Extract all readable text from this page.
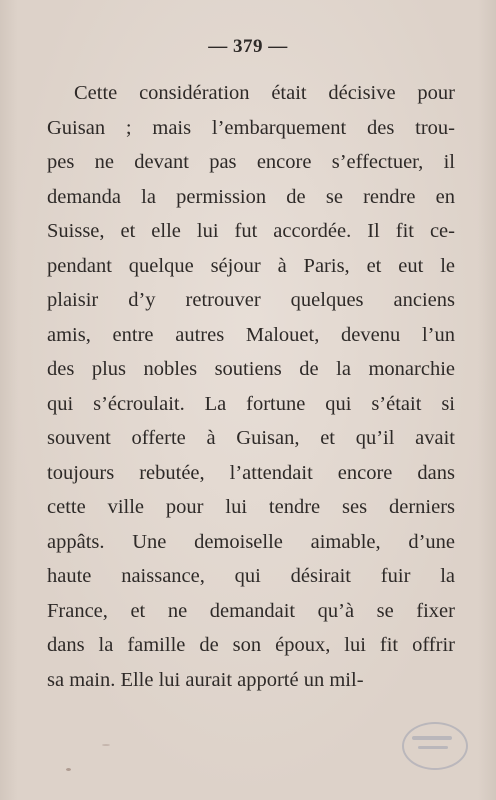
— 379 —
Cette considération était décisive pour
Guisan ; mais l’embarquement des trou-
pes ne devant pas encore s’effectuer, il
demanda la permission de se rendre en
Suisse, et elle lui fut accordée. Il fit ce-
pendant quelque séjour à Paris, et eut le
plaisir d’y retrouver quelques anciens
amis, entre autres Malouet, devenu l’un
des plus nobles soutiens de la monarchie
qui s’écroulait. La fortune qui s’était si
souvent offerte à Guisan, et qu’il avait
toujours rebutée, l’attendait encore dans
cette ville pour lui tendre ses derniers
appâts. Une demoiselle aimable, d’une
haute naissance, qui désirait fuir la
France, et ne demandait qu’à se fixer
dans la famille de son époux, lui fit offrir
sa main. Elle lui aurait apporté un mil-
